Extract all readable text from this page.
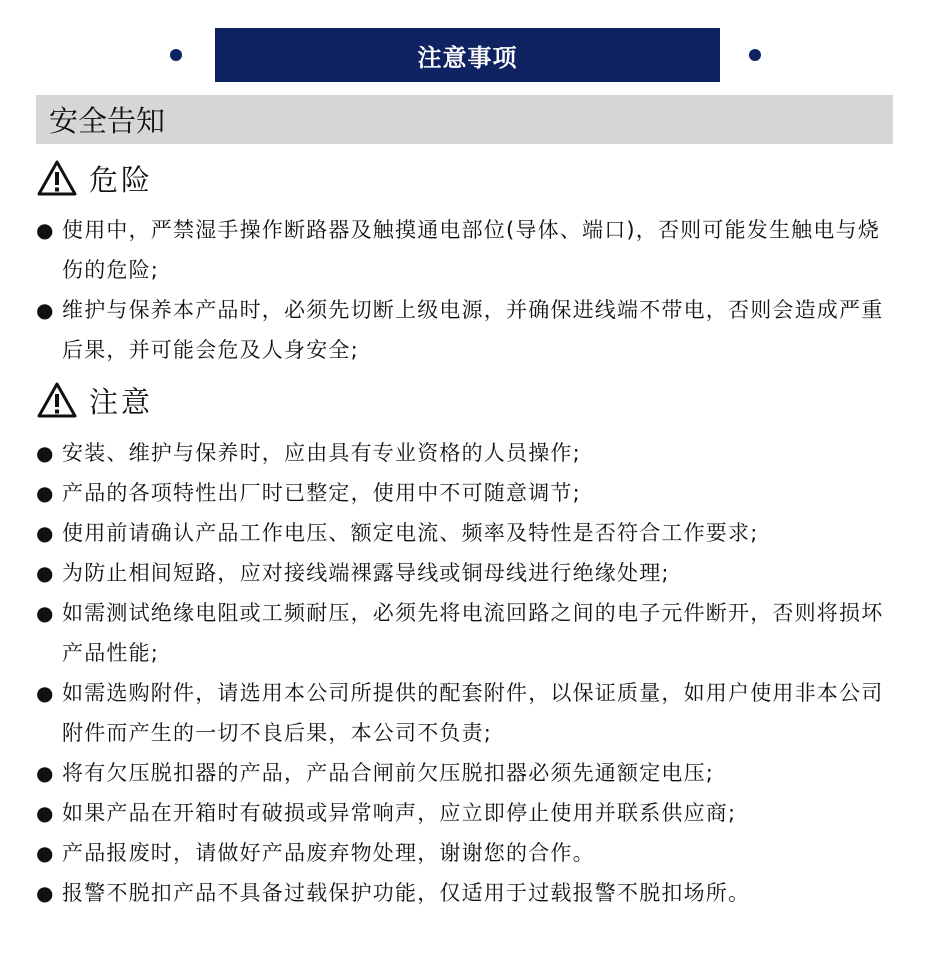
注意事项
安全告知
危险
● 使用中，严禁湿手操作断路器及触摸通电部位(导体、端口)，否则可能发生触电与烧伤的危险;
● 维护与保养本产品时，必须先切断上级电源，并确保进线端不带电，否则会造成严重后果，并可能会危及人身安全;
注意
● 安装、维护与保养时，应由具有专业资格的人员操作;
● 产品的各项特性出厂时已整定，使用中不可随意调节;
● 使用前请确认产品工作电压、额定电流、频率及特性是否符合工作要求;
● 为防止相间短路，应对接线端裸露导线或铜母线进行绝缘处理;
● 如需测试绝缘电阻或工频耐压，必须先将电流回路之间的电子元件断开，否则将损坏产品性能;
● 如需选购附件，请选用本公司所提供的配套附件，以保证质量，如用户使用非本公司附件而产生的一切不良后果，本公司不负责;
● 将有欠压脱扣器的产品，产品合闸前欠压脱扣器必须先通额定电压;
● 如果产品在开箱时有破损或异常响声，应立即停止使用并联系供应商;
● 产品报废时，请做好产品废弃物处理，谢谢您的合作。
● 报警不脱扣产品不具备过载保护功能，仅适用于过载报警不脱扣场所。
